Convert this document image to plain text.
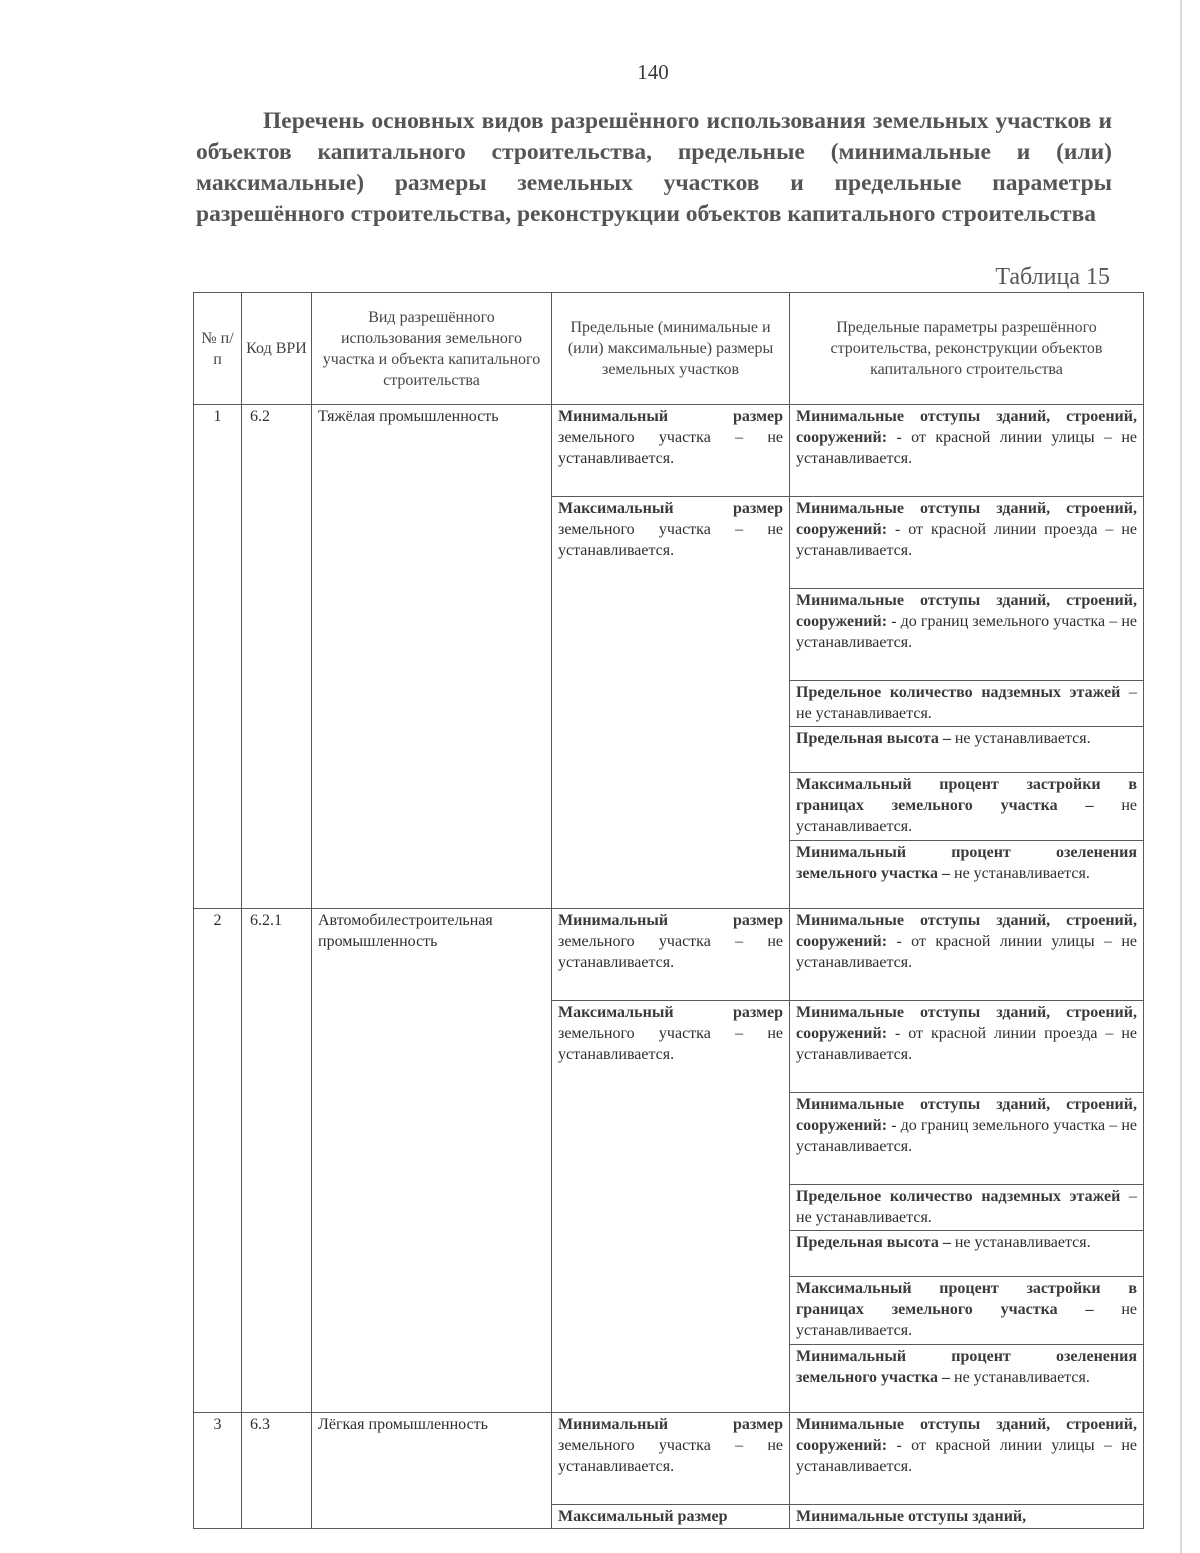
140
Перечень основных видов разрешённого использования земельных участков и объектов капитального строительства, предельные (минимальные и (или) максимальные) размеры земельных участков и предельные параметры разрешённого строительства, реконструкции объектов капитального строительства
Таблица 15
№ п/п	Код ВРИ	Вид разрешённого использования земельного участка и объекта капитального строительства	Предельные (минимальные и (или) максимальные) размеры земельных участков	Предельные параметры разрешённого строительства, реконструкции объектов капитального строительства
1	6.2	Тяжёлая промышленность	Минимальный размер земельного участка – не устанавливается.	Минимальные отступы зданий, строений, сооружений: - от красной линии улицы – не устанавливается.
			Максимальный размер земельного участка – не устанавливается.	Минимальные отступы зданий, строений, сооружений: - от красной линии проезда – не устанавливается.
				Минимальные отступы зданий, строений, сооружений: - до границ земельного участка – не устанавливается.
				Предельное количество надземных этажей – не устанавливается.
				Предельная высота – не устанавливается.
				Максимальный процент застройки в границах земельного участка – не устанавливается.
				Минимальный процент озеленения земельного участка – не устанавливается.
2	6.2.1	Автомобилестроительная промышленность	Минимальный размер земельного участка – не устанавливается.	Минимальные отступы зданий, строений, сооружений: - от красной линии улицы – не устанавливается.
			Максимальный размер земельного участка – не устанавливается.	Минимальные отступы зданий, строений, сооружений: - от красной линии проезда – не устанавливается.
				Минимальные отступы зданий, строений, сооружений: - до границ земельного участка – не устанавливается.
				Предельное количество надземных этажей – не устанавливается.
				Предельная высота – не устанавливается.
				Максимальный процент застройки в границах земельного участка – не устанавливается.
				Минимальный процент озеленения земельного участка – не устанавливается.
3	6.3	Лёгкая промышленность	Минимальный размер земельного участка – не устанавливается.	Минимальные отступы зданий, строений, сооружений: - от красной линии улицы – не устанавливается.
			Максимальный размер	Минимальные отступы зданий,
